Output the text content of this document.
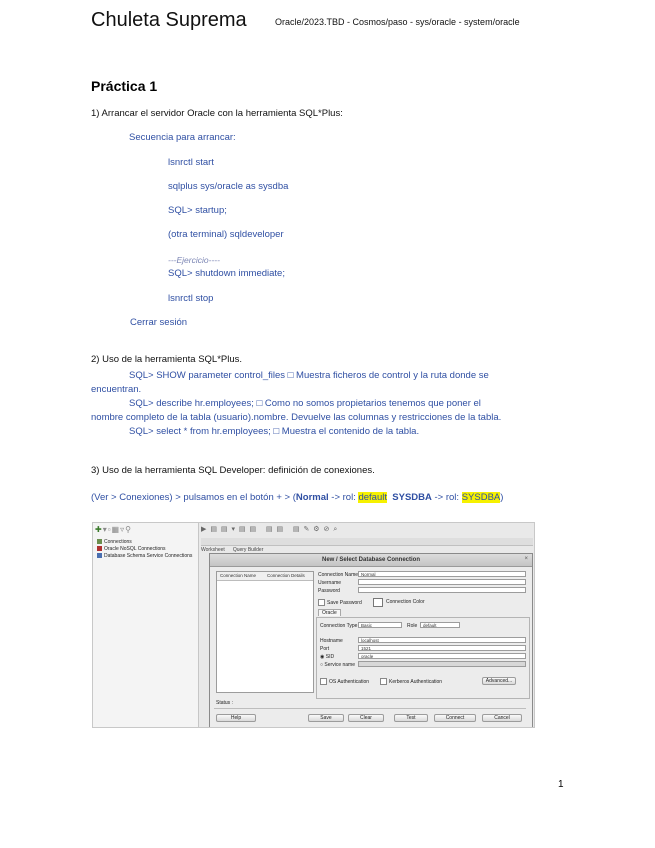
Chuleta Suprema	Oracle/2023.TBD - Cosmos/paso - sys/oracle - system/oracle
Práctica 1
1) Arrancar el servidor Oracle con la herramienta SQL*Plus:
Secuencia para arrancar:
lsnrctl start
sqlplus sys/oracle as sysdba
SQL> startup;
(otra terminal) sqldeveloper
---Ejercicio----
SQL> shutdown immediate;
lsnrctl stop
Cerrar sesión
2) Uso de la herramienta SQL*Plus.
SQL> SHOW parameter control_files □ Muestra ficheros de control y la ruta donde se
encuentran.
SQL> describe hr.employees; □ Como no somos propietarios tenemos que poner el
nombre completo de la tabla (usuario).nombre. Devuelve las columnas y restricciones de la tabla.
SQL> select * from hr.employees; □ Muestra el contenido de la tabla.
3) Uso de la herramienta SQL Developer: definición de conexiones.
(Ver > Conexiones) > pulsamos en el botón + > (Normal -> rol: default SYSDBA -> rol: SYSDBA)
✚▾▫▦▿⚲
Connections
Oracle NoSQL Connections
Database Schema Service Connections
▶ ▤ ▤ ▾ ▤ ▤   ▤ ▤   ▤ ✎ ⚙ ⊘ ⌕
Worksheet Query Builder
New / Select Database Connection	×
Connection Name Connection Details	Connection Name Normal
Username
Password
Save Password	Connection Color
Oracle
Connection Type Basic	Role	default
Hostname	localhost
Port	1521
◉ SID	oracle
○ Service name
OS Authentication	Kerberos Authentication	Advanced...
Status :
Help	Save	Clear	Test	Connect	Cancel
1
